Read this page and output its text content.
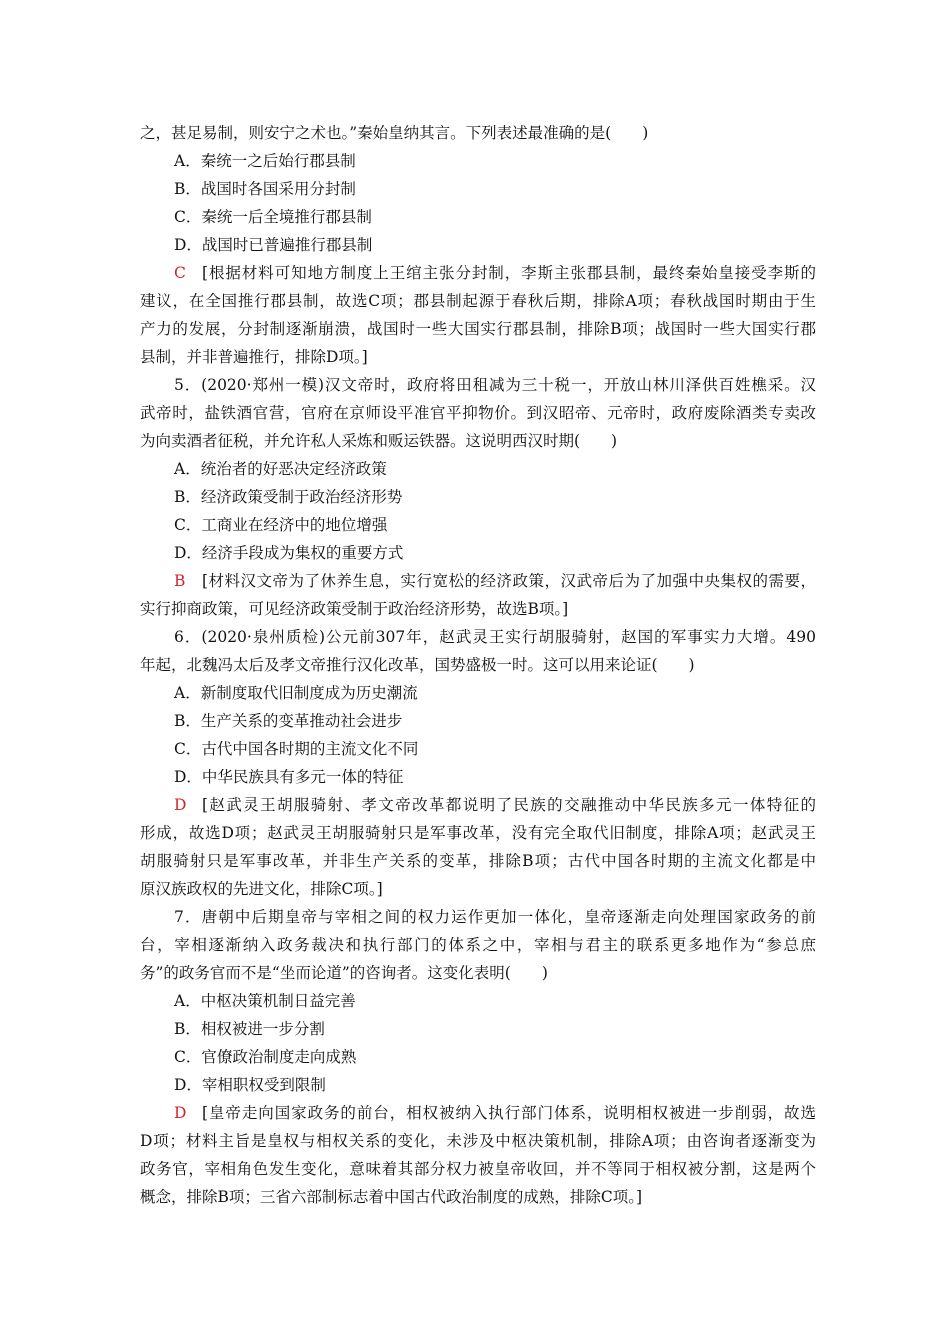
之，甚足易制，则安宁之术也。”秦始皇纳其言。下列表述最准确的是(　　)
A．秦统一之后始行郡县制
B．战国时各国采用分封制
C．秦统一后全境推行郡县制
D．战国时已普遍推行郡县制
C [根据材料可知地方制度上王绾主张分封制，李斯主张郡县制，最终秦始皇接受李斯的
建议，在全国推行郡县制，故选C项；郡县制起源于春秋后期，排除A项；春秋战国时期由于生
产力的发展，分封制逐渐崩溃，战国时一些大国实行郡县制，排除B项；战国时一些大国实行郡
县制，并非普遍推行，排除D项。]
5．(2020·郑州一模)汉文帝时，政府将田租减为三十税一，开放山林川泽供百姓樵采。汉
武帝时，盐铁酒官营，官府在京师设平准官平抑物价。到汉昭帝、元帝时，政府废除酒类专卖改
为向卖酒者征税，并允许私人采炼和贩运铁器。这说明西汉时期(　　)
A．统治者的好恶决定经济政策
B．经济政策受制于政治经济形势
C．工商业在经济中的地位增强
D．经济手段成为集权的重要方式
B [材料汉文帝为了休养生息，实行宽松的经济政策，汉武帝后为了加强中央集权的需要，
实行抑商政策，可见经济政策受制于政治经济形势，故选B项。]
6．(2020·泉州质检)公元前307年，赵武灵王实行胡服骑射，赵国的军事实力大增。490
年起，北魏冯太后及孝文帝推行汉化改革，国势盛极一时。这可以用来论证(　　)
A．新制度取代旧制度成为历史潮流
B．生产关系的变革推动社会进步
C．古代中国各时期的主流文化不同
D．中华民族具有多元一体的特征
D [赵武灵王胡服骑射、孝文帝改革都说明了民族的交融推动中华民族多元一体特征的
形成，故选D项；赵武灵王胡服骑射只是军事改革，没有完全取代旧制度，排除A项；赵武灵王
胡服骑射只是军事改革，并非生产关系的变革，排除B项；古代中国各时期的主流文化都是中
原汉族政权的先进文化，排除C项。]
7．唐朝中后期皇帝与宰相之间的权力运作更加一体化，皇帝逐渐走向处理国家政务的前
台，宰相逐渐纳入政务裁决和执行部门的体系之中，宰相与君主的联系更多地作为“参总庶
务”的政务官而不是“坐而论道”的咨询者。这变化表明(　　)
A．中枢决策机制日益完善
B．相权被进一步分割
C．官僚政治制度走向成熟
D．宰相职权受到限制
D [皇帝走向国家政务的前台，相权被纳入执行部门体系，说明相权被进一步削弱，故选
D项；材料主旨是皇权与相权关系的变化，未涉及中枢决策机制，排除A项；由咨询者逐渐变为
政务官，宰相角色发生变化，意味着其部分权力被皇帝收回，并不等同于相权被分割，这是两个
概念，排除B项；三省六部制标志着中国古代政治制度的成熟，排除C项。]
